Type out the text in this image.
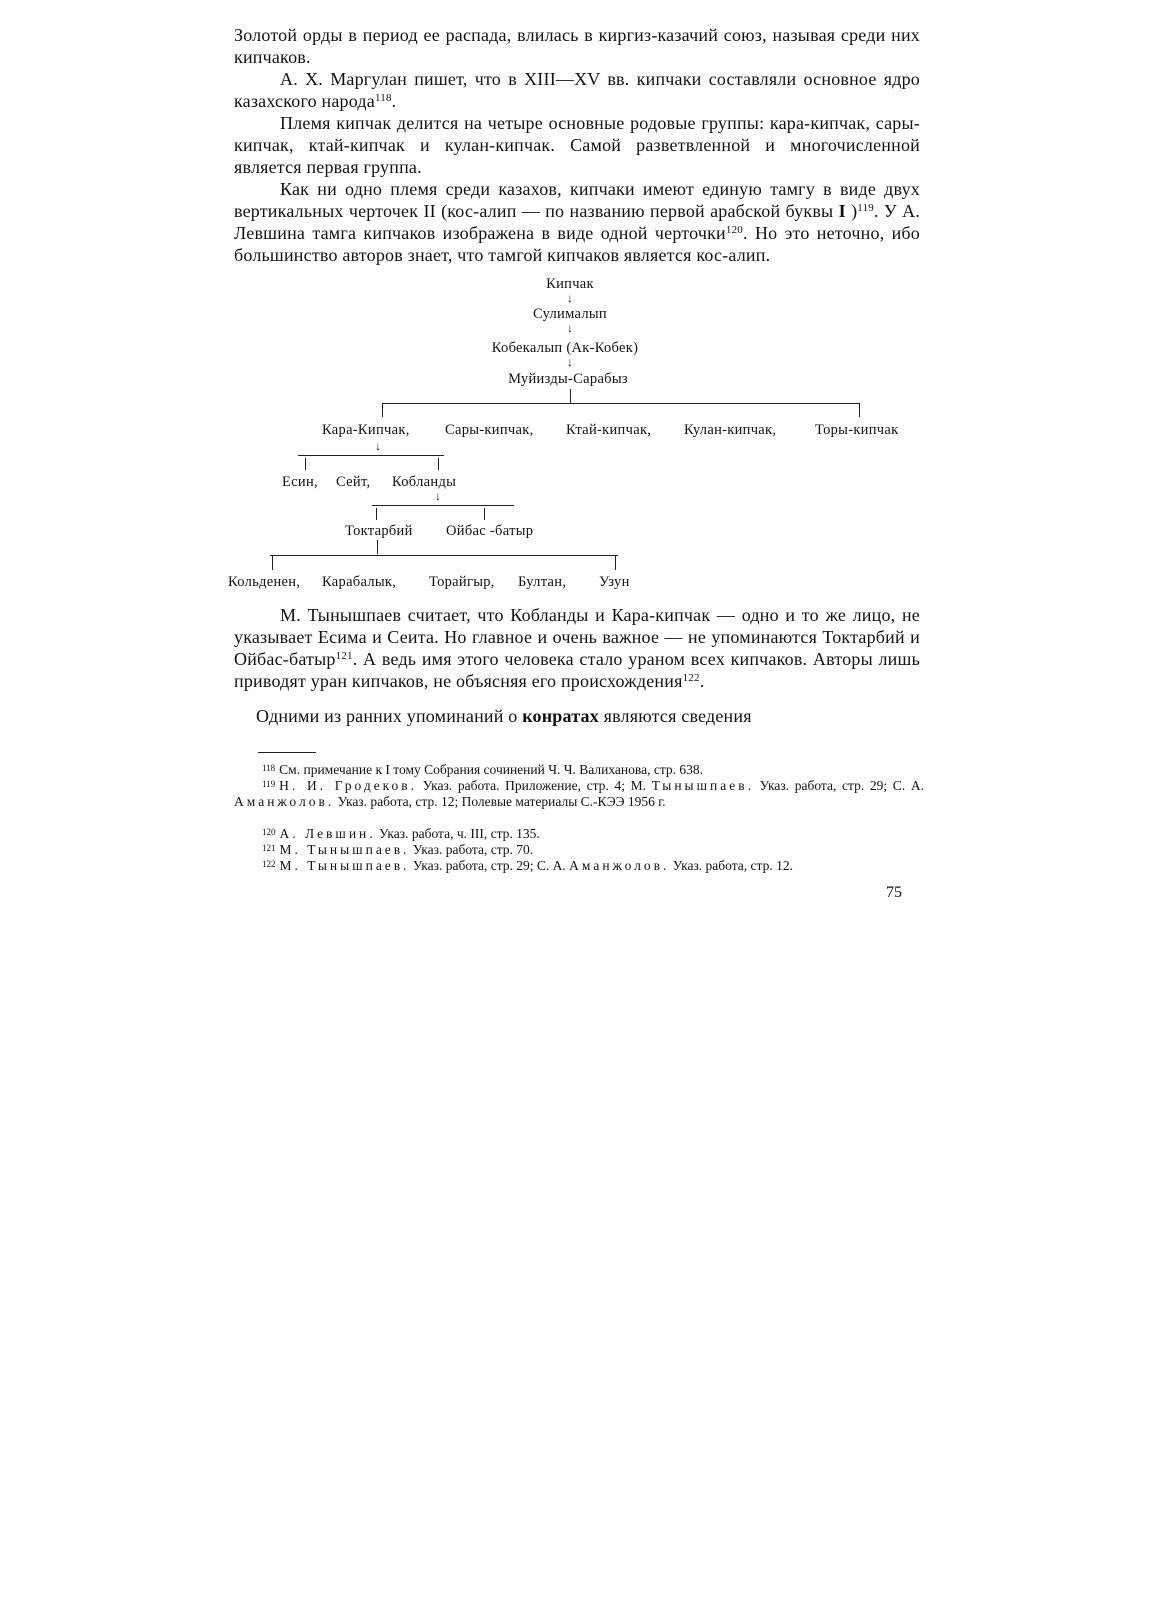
Золотой орды в период ее распада, влилась в киргиз-казачий союз, называя среди них кипчаков.

А. Х. Маргулан пишет, что в XIII—XV вв. кипчаки составляли основное ядро казахского народа$^{118}$.

Племя кипчак делится на четыре основные родовые группы: кара-кипчак, сары-кипчак, ктай-кипчак и кулан-кипчак. Самой разветвленной и многочисленной является первая группа.

Как ни одно племя среди казахов, кипчаки имеют единую тамгу в виде двух вертикальных черточек II (кос-алип — по названию первой арабской буквы I )$^{119}$. У А. Левшина тамга кипчаков изображена в виде одной черточки$^{120}$. Но это неточно, ибо большинство авторов знает, что тамгой кипчаков является кос-алип.

Кипчак
↓
Сулималып
↓
Кобекалып (Ак-Кобек)
↓
Муйизды-Сарабыз
Кара-Кипчак, Сары-кипчак, Ктай-кипчак, Кулан-кипчак,	Торы-кипчак
↓
Есин, Сейт, Кобланды
↓
Токтарбий Ойбас -батыр
Кольденен, Карабалык, Торайгыр, Бултан, Узун

М. Тынышпаев считает, что Кобланды и Кара-кипчак — одно и то же лицо, не указывает Есима и Сеита. Но главное и очень важное — не упоминаются Токтарбий и Ойбас-батыр$^{121}$. А ведь имя этого человека стало ураном всех кипчаков. Авторы лишь приводят уран кипчаков, не объясняя его происхождения$^{122}$.

Одними из ранних упоминаний о конратах являются сведения

$^{118}$ См. примечание к I тому Собрания сочинений Ч. Ч. Валиханова, стр. 638.

$^{119}$ Н. И. Гродеков. Указ. работа. Приложение, стр. 4; М. Тынышпаев. Указ. работа, стр. 29; С. А. Аманжолов. Указ. работа, стр. 12; Полевые материалы С.-КЭЭ 1956 г.

$^{120}$ А. Левшин. Указ. работа, ч. III, стр. 135.

$^{121}$ М. Тынышпаев. Указ. работа, стр. 70.

$^{122}$ М. Тынышпаев. Указ. работа, стр. 29; С. А. Аманжолов. Указ. работа, стр. 12.

75
